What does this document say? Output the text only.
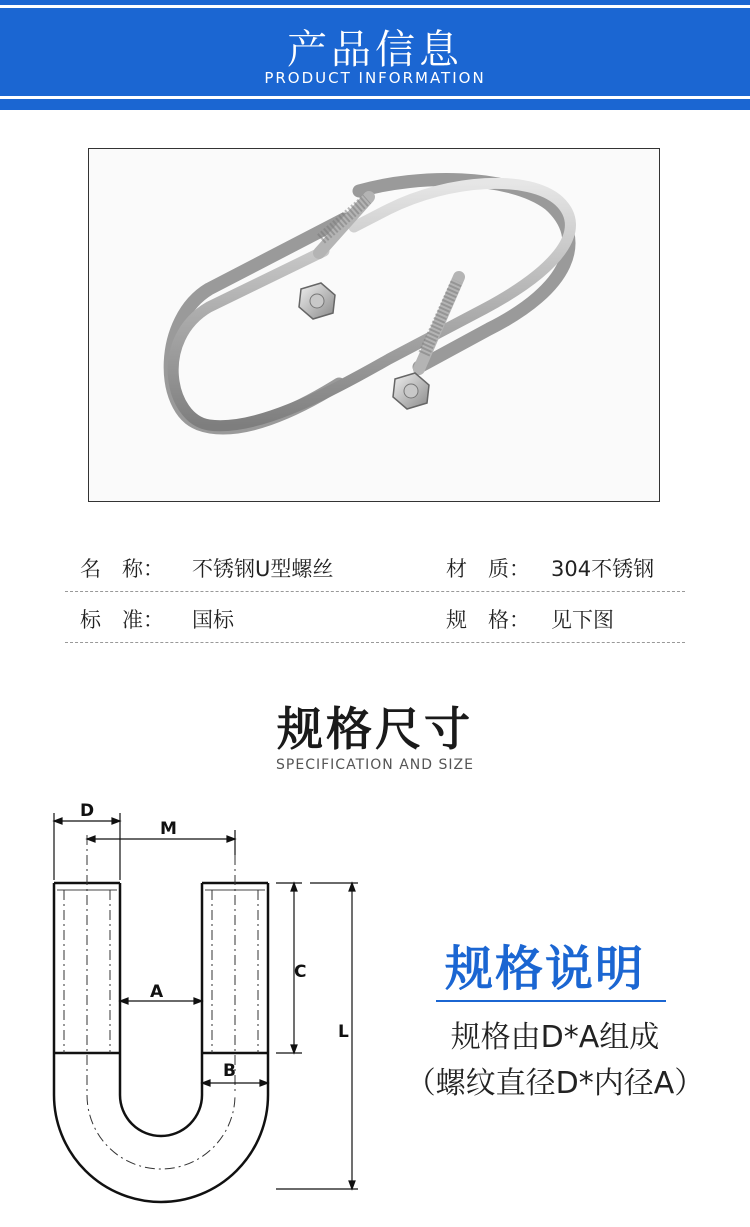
产品信息
PRODUCT INFORMATION
名　称： 不锈钢U型螺丝	材　质： 304不锈钢
标　准： 国标	规　格： 见下图
规格尺寸
SPECIFICATION AND SIZE
D
M
A
B
C
L
规格说明
规格由D*A组成
（螺纹直径D*内径A）
